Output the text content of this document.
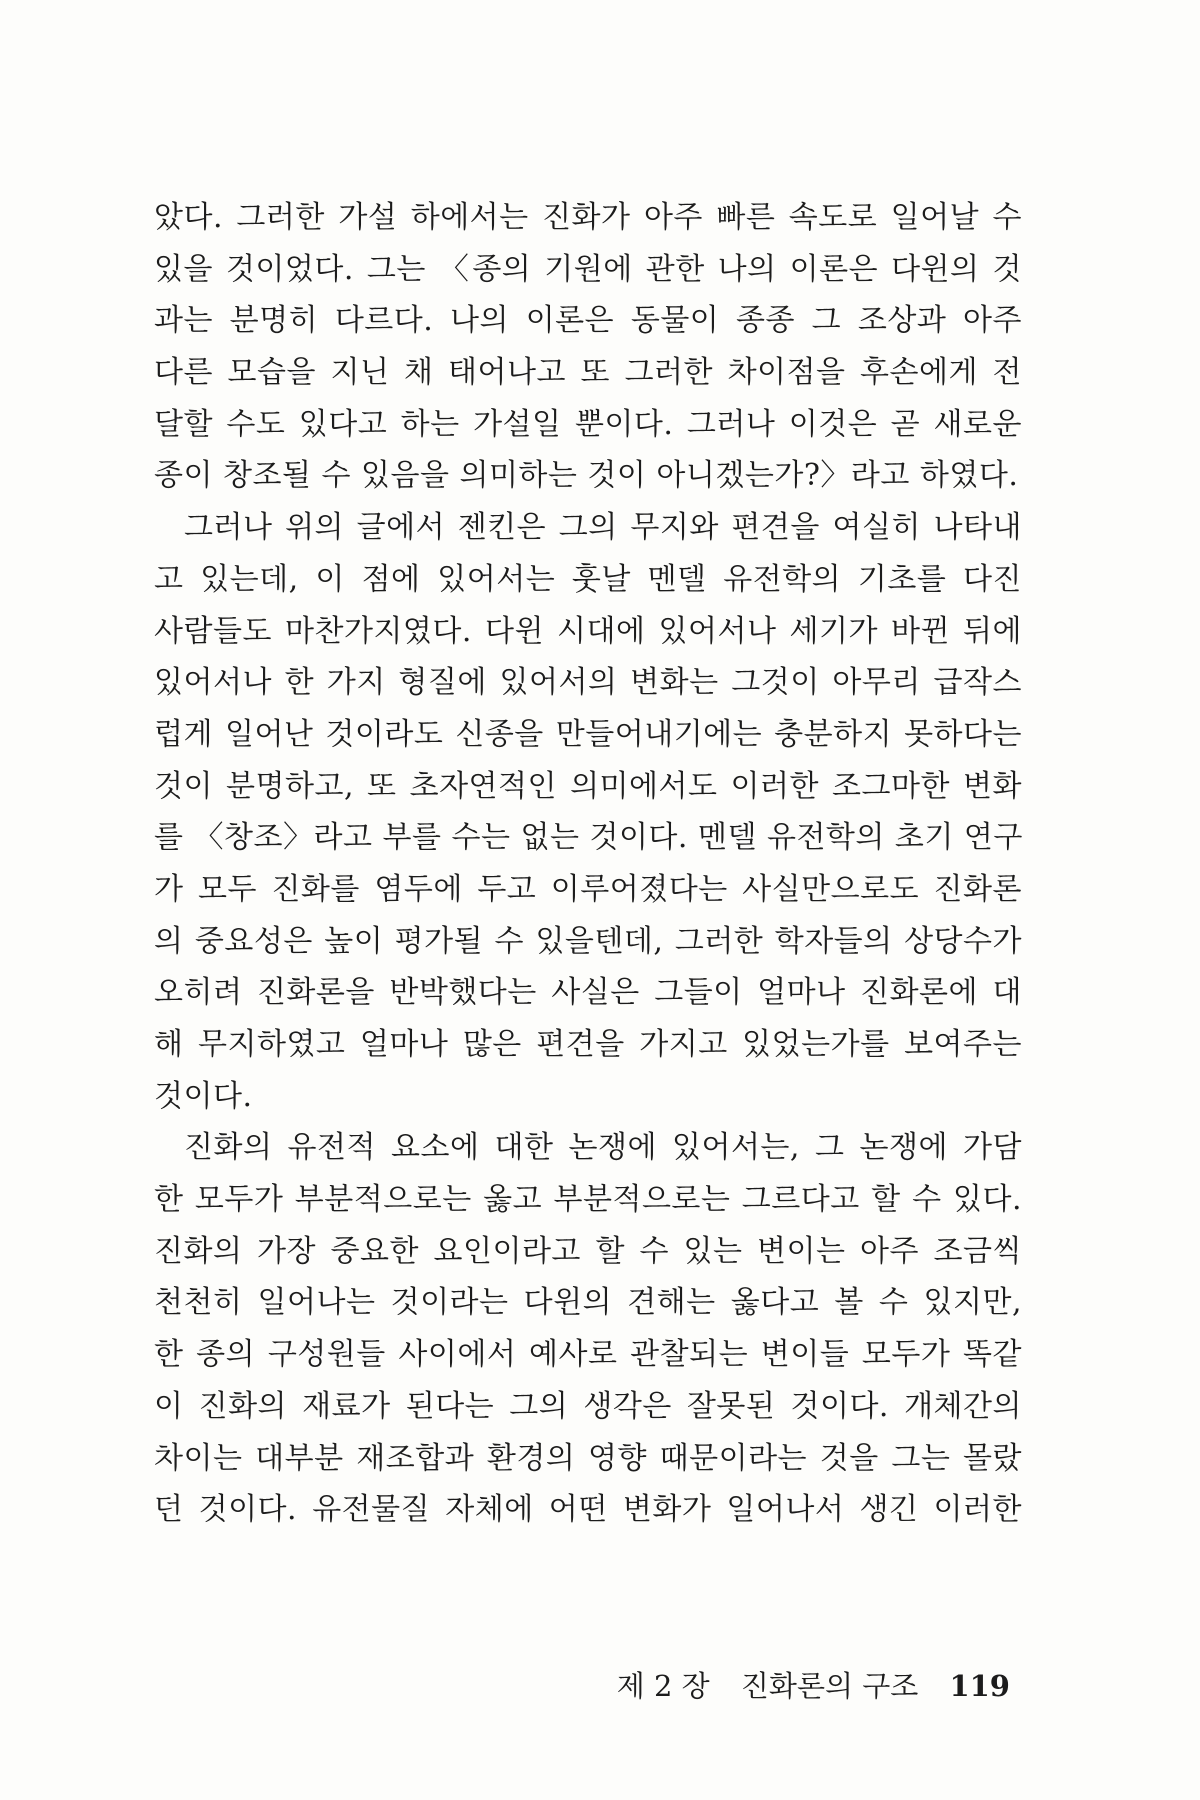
았다. 그러한 가설 하에서는 진화가 아주 빠른 속도로 일어날 수
있을 것이었다. 그는 〈종의 기원에 관한 나의 이론은 다윈의 것
과는 분명히 다르다. 나의 이론은 동물이 종종 그 조상과 아주
다른 모습을 지닌 채 태어나고 또 그러한 차이점을 후손에게 전
달할 수도 있다고 하는 가설일 뿐이다. 그러나 이것은 곧 새로운
종이 창조될 수 있음을 의미하는 것이 아니겠는가?〉라고 하였다.
그러나 위의 글에서 젠킨은 그의 무지와 편견을 여실히 나타내
고 있는데, 이 점에 있어서는 훗날 멘델 유전학의 기초를 다진
사람들도 마찬가지였다. 다윈 시대에 있어서나 세기가 바뀐 뒤에
있어서나 한 가지 형질에 있어서의 변화는 그것이 아무리 급작스
럽게 일어난 것이라도 신종을 만들어내기에는 충분하지 못하다는
것이 분명하고, 또 초자연적인 의미에서도 이러한 조그마한 변화
를 〈창조〉라고 부를 수는 없는 것이다. 멘델 유전학의 초기 연구
가 모두 진화를 염두에 두고 이루어졌다는 사실만으로도 진화론
의 중요성은 높이 평가될 수 있을텐데, 그러한 학자들의 상당수가
오히려 진화론을 반박했다는 사실은 그들이 얼마나 진화론에 대
해 무지하였고 얼마나 많은 편견을 가지고 있었는가를 보여주는
것이다.
진화의 유전적 요소에 대한 논쟁에 있어서는, 그 논쟁에 가담
한 모두가 부분적으로는 옳고 부분적으로는 그르다고 할 수 있다.
진화의 가장 중요한 요인이라고 할 수 있는 변이는 아주 조금씩
천천히 일어나는 것이라는 다윈의 견해는 옳다고 볼 수 있지만,
한 종의 구성원들 사이에서 예사로 관찰되는 변이들 모두가 똑같
이 진화의 재료가 된다는 그의 생각은 잘못된 것이다. 개체간의
차이는 대부분 재조합과 환경의 영향 때문이라는 것을 그는 몰랐
던 것이다. 유전물질 자체에 어떤 변화가 일어나서 생긴 이러한
제 2 장 진화론의 구조 119
